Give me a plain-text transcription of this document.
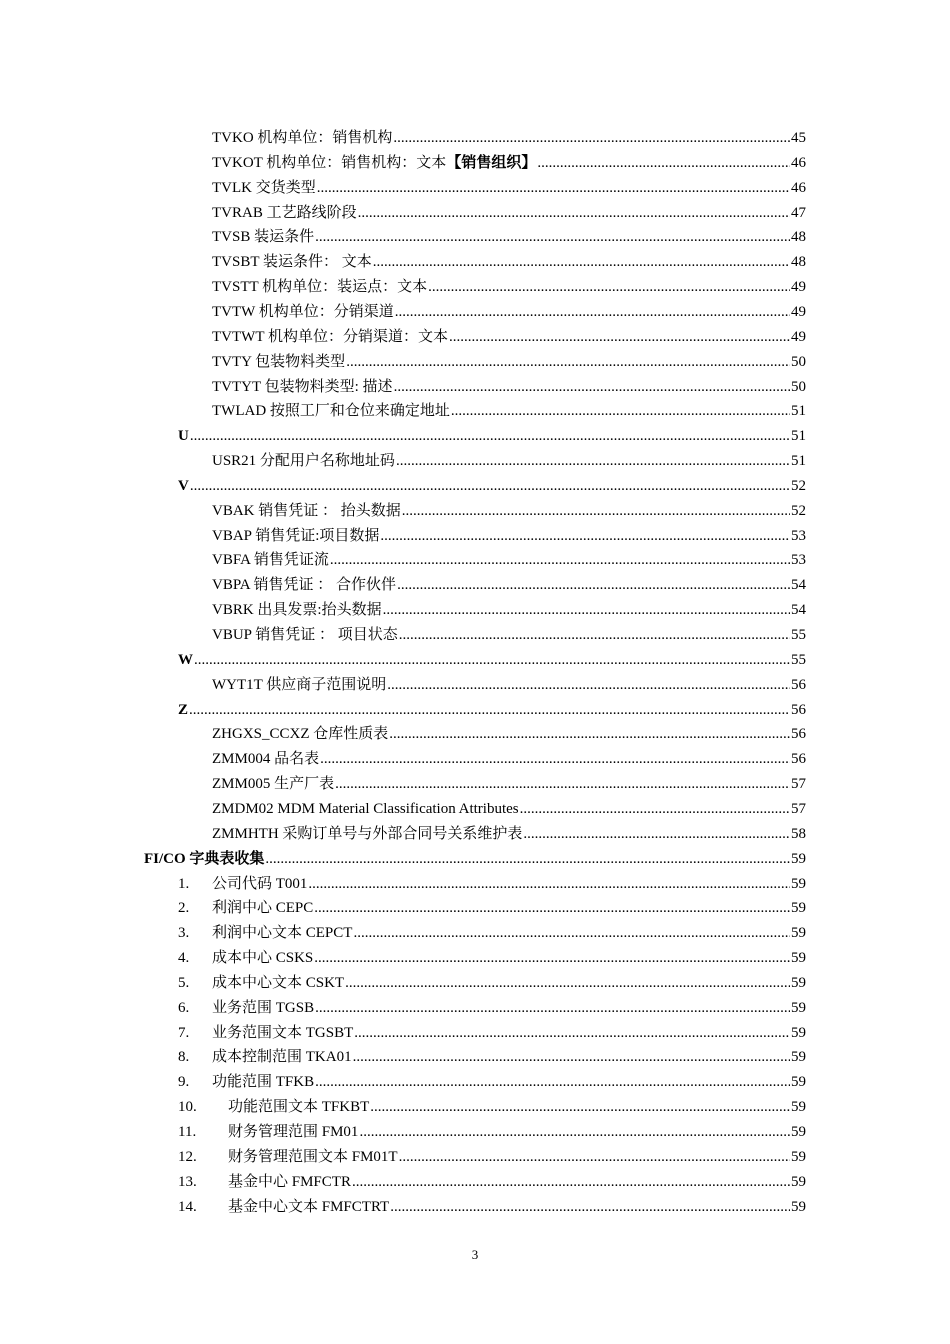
TVKO 机构单位：销售机构 .....	45
TVKOT 机构单位：销售机构：文本【销售组织】 .....	46
TVLK 交货类型 .....	46
TVRAB 工艺路线阶段 .....	47
TVSB 装运条件 .....	48
TVSBT 装运条件： 文本 .....	48
TVSTT 机构单位：装运点：文本 .....	49
TVTW 机构单位：分销渠道 .....	49
TVTWT 机构单位：分销渠道：文本 .....	49
TVTY 包装物料类型 .....	50
TVTYT 包装物料类型: 描述 .....	50
TWLAD 按照工厂和仓位来确定地址 .....	51
U .....	51
USR21 分配用户名称地址码 .....	51
V .....	52
VBAK 销售凭证 ： 抬头数据 .....	52
VBAP 销售凭证:项目数据 .....	53
VBFA 销售凭证流 .....	53
VBPA 销售凭证 ： 合作伙伴 .....	54
VBRK 出具发票:抬头数据 .....	54
VBUP 销售凭证 ： 项目状态 .....	55
W .....	55
WYT1T 供应商子范围说明 .....	56
Z .....	56
ZHGXS_CCXZ 仓库性质表 .....	56
ZMM004 品名表 .....	56
ZMM005 生产厂表 .....	57
ZMDM02 MDM Material Classification Attributes .....	57
ZMMHTH 采购订单号与外部合同号关系维护表 .....	58
FI/CO 字典表收集 .....	59
1.	公司代码 T001 .....	59
2.	利润中心 CEPC .....	59
3.	利润中心文本 CEPCT .....	59
4.	成本中心 CSKS .....	59
5.	成本中心文本 CSKT .....	59
6.	业务范围 TGSB .....	59
7.	业务范围文本 TGSBT .....	59
8.	成本控制范围 TKA01 .....	59
9.	功能范围 TFKB .....	59
10.	功能范围文本 TFKBT .....	59
11.	财务管理范围 FM01 .....	59
12.	财务管理范围文本 FM01T .....	59
13.	基金中心 FMFCTR .....	59
14.	基金中心文本 FMFCTRT .....	59
3
